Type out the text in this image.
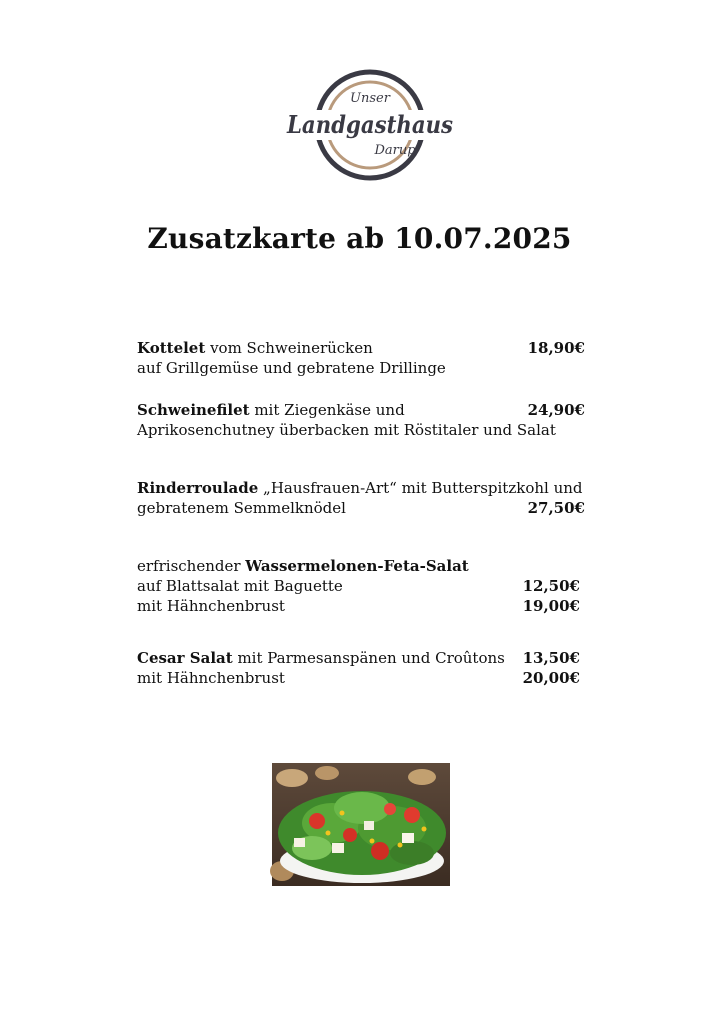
Unser
Landgasthaus
Darup
Zusatzkarte ab 10.07.2025
Kottelet vom Schweinerücken	18,90€
auf Grillgemüse und gebratene Drillinge
Schweinefilet mit Ziegenkäse und	24,90€
Aprikosenchutney überbacken mit Röstitaler und Salat
Rinderroulade „Hausfrauen-Art“ mit Butterspitzkohl und
gebratenem Semmelknödel	27,50€
erfrischender Wassermelonen-Feta-Salat
auf Blattsalat mit Baguette	12,50€
mit Hähnchenbrust	19,00€
Cesar Salat mit Parmesanspänen und Croûtons 13,50€
mit Hähnchenbrust	20,00€
